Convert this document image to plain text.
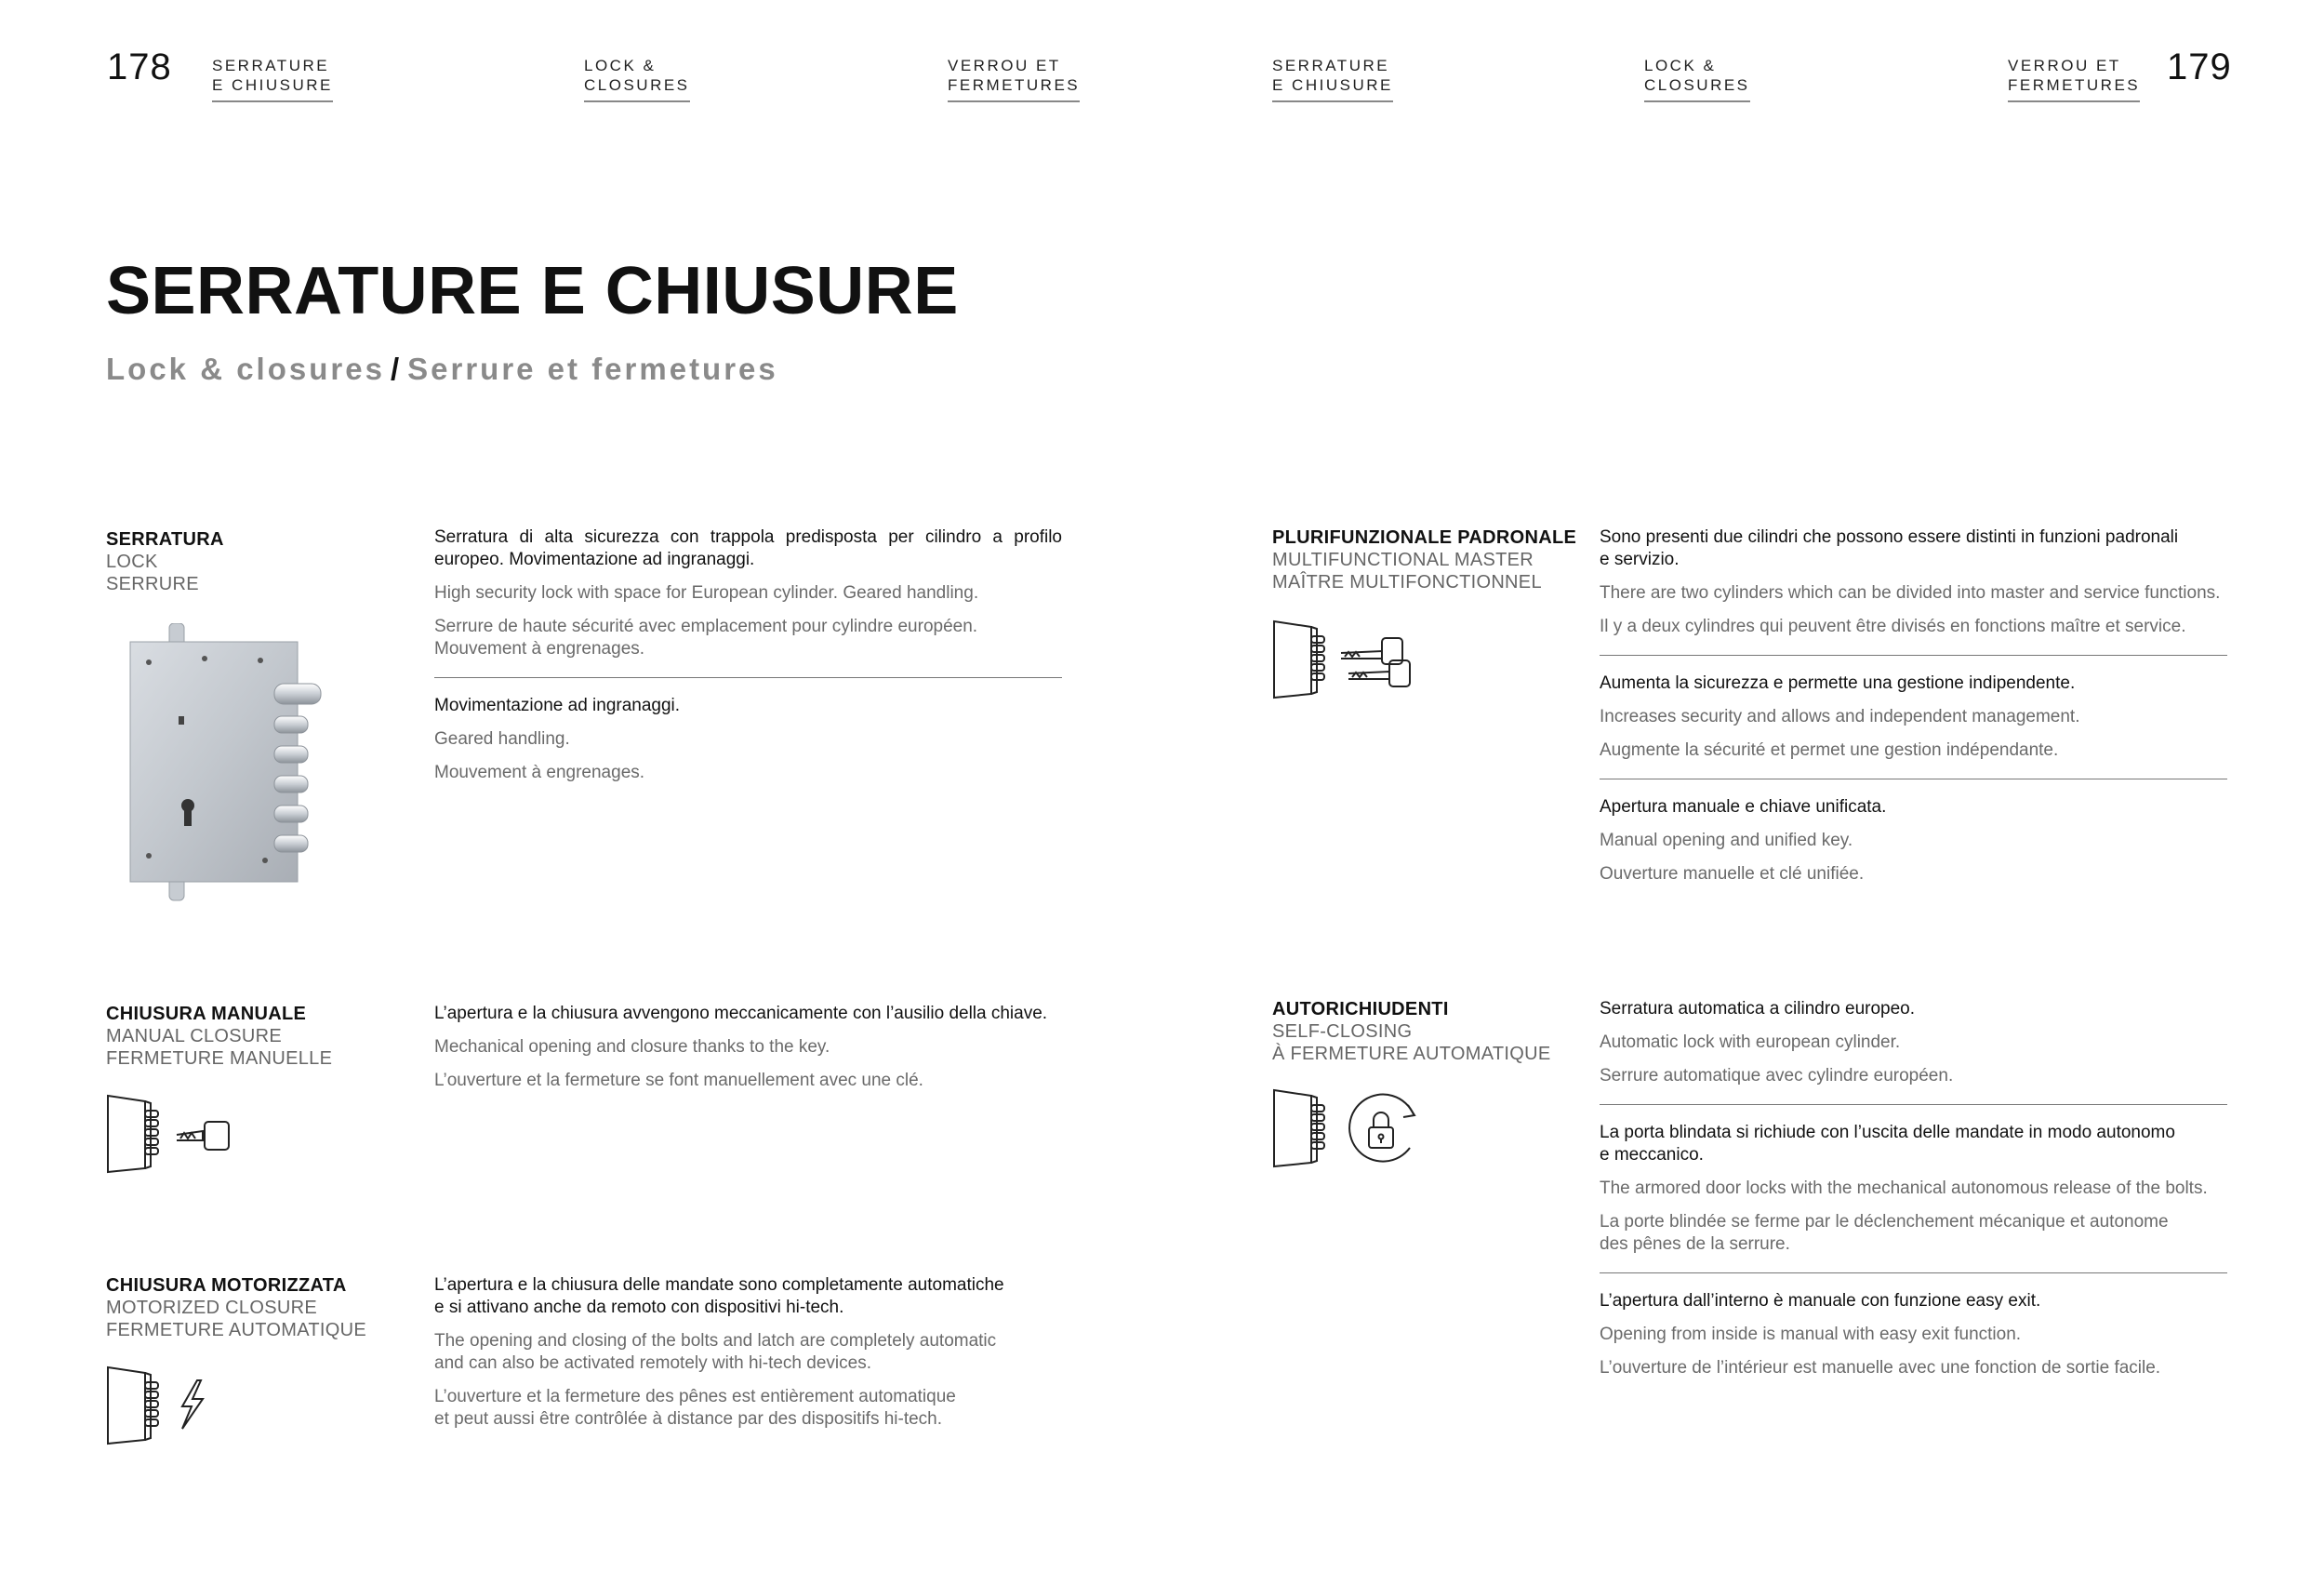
178	179
SERRATURE
E CHIUSURE
LOCK &
CLOSURES
VERROU ET
FERMETURES
SERRATURE
E CHIUSURE
LOCK &
CLOSURES
VERROU ET
FERMETURES
SERRATURE E CHIUSURE
Lock & closures / Serrure et fermetures
SERRATURA
LOCK
SERRURE
Serratura di alta sicurezza con trappola predisposta per cilindro a profilo europeo. Movimentazione ad ingranaggi.
High security lock with space for European cylinder. Geared handling.
Serrure de haute sécurité avec emplacement pour cylindre européen. Mouvement à engrenages.
Movimentazione ad ingranaggi.
Geared handling.
Mouvement à engrenages.
CHIUSURA MANUALE
MANUAL CLOSURE
FERMETURE MANUELLE
L’apertura e la chiusura avvengono meccanicamente con l’ausilio della chiave.
Mechanical opening and closure thanks to the key.
L’ouverture et la fermeture se font manuellement avec une clé.
CHIUSURA MOTORIZZATA
MOTORIZED CLOSURE
FERMETURE AUTOMATIQUE
L’apertura e la chiusura delle mandate sono completamente automatiche
e si attivano anche da remoto con dispositivi hi-tech.
The opening and closing of the bolts and latch are completely automatic
and can also be activated remotely with hi-tech devices.
L’ouverture et la fermeture des pênes est entièrement automatique
et peut aussi être contrôlée à distance par des dispositifs hi-tech.
PLURIFUNZIONALE PADRONALE
MULTIFUNCTIONAL MASTER
MAÎTRE MULTIFONCTIONNEL
Sono presenti due cilindri che possono essere distinti in funzioni padronali
e servizio.
There are two cylinders which can be divided into master and service functions.
Il y a deux cylindres qui peuvent être divisés en fonctions maître et service.
Aumenta la sicurezza e permette una gestione indipendente.
Increases security and allows and independent management.
Augmente la sécurité et permet une gestion indépendante.
Apertura manuale e chiave unificata.
Manual opening and unified key.
Ouverture manuelle et clé unifiée.
AUTORICHIUDENTI
SELF-CLOSING
À FERMETURE AUTOMATIQUE
Serratura automatica a cilindro europeo.
Automatic lock with european cylinder.
Serrure automatique avec cylindre européen.
La porta blindata si richiude con l’uscita delle mandate in modo autonomo
e meccanico.
The armored door locks with the mechanical autonomous release of the bolts.
La porte blindée se ferme par le déclenchement mécanique et autonome
des pênes de la serrure.
L’apertura dall’interno è manuale con funzione easy exit.
Opening from inside is manual with easy exit function.
L’ouverture de l’intérieur est manuelle avec une fonction de sortie facile.
